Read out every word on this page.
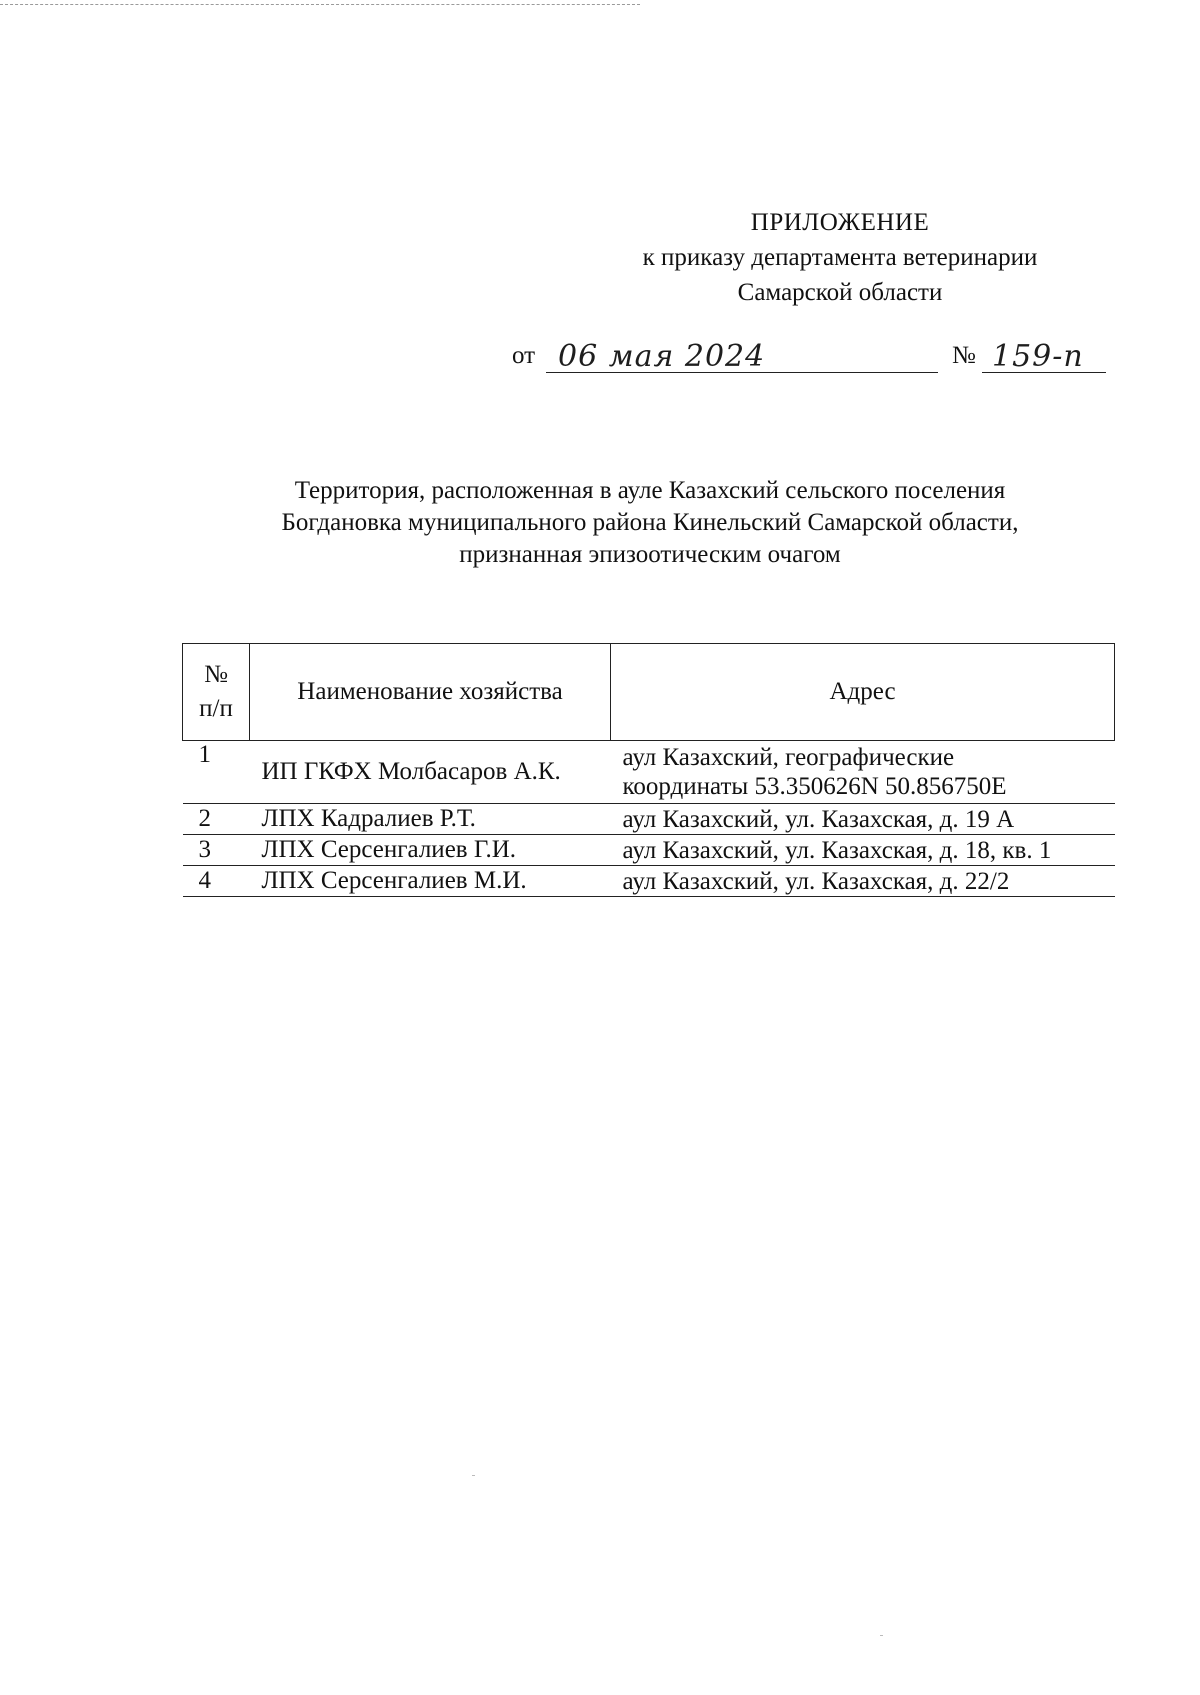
ПРИЛОЖЕНИЕ
к приказу департамента ветеринарии
Самарской области
от 06 мая 2024	№ 159-п
Территория, расположенная в ауле Казахский сельского поселения
Богдановка муниципального района Кинельский Самарской области,
признанная эпизоотическим очагом
№
п/п	Наименование хозяйства	Адрес
1	ИП ГКФХ Молбасаров А.К.	аул Казахский, географические
координаты 53.350626N 50.856750E

2	ЛПХ Кадралиев Р.Т.	аул Казахский, ул. Казахская, д. 19 А
3	ЛПХ Серсенгалиев Г.И.	аул Казахский, ул. Казахская, д. 18, кв. 1
4	ЛПХ Серсенгалиев М.И.	аул Казахский, ул. Казахская, д. 22/2
